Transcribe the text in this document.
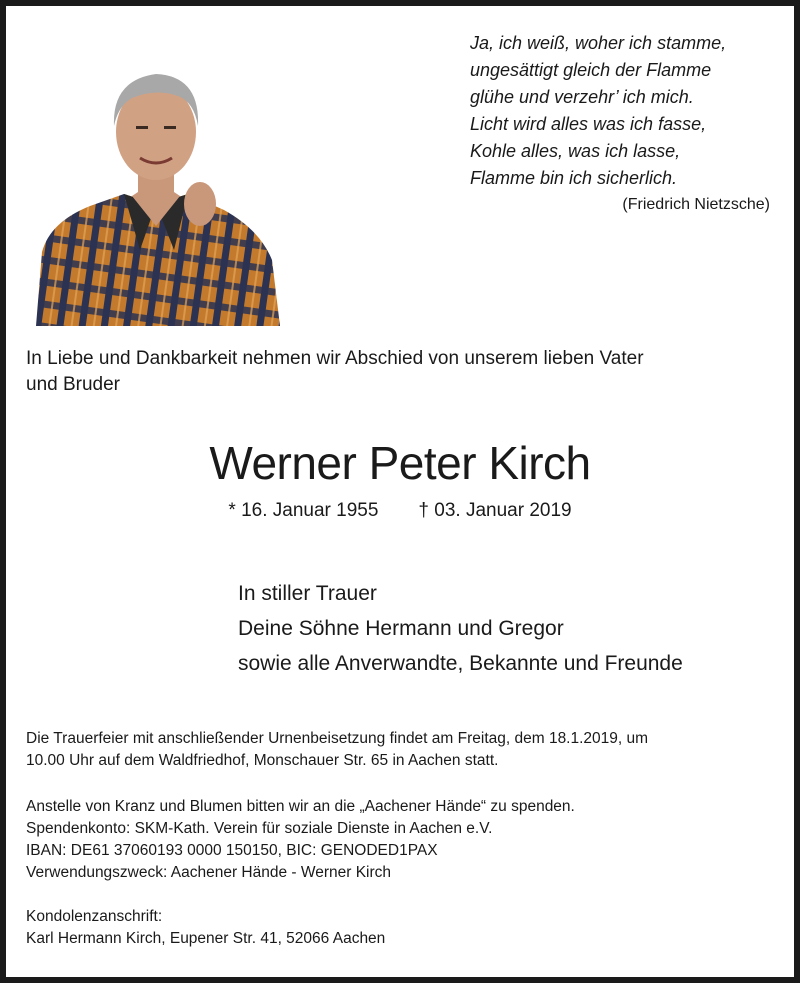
Ja, ich weiß, woher ich stamme,
ungesättigt gleich der Flamme
glühe und verzehr’ ich mich.
Licht wird alles was ich fasse,
Kohle alles, was ich lasse,
Flamme bin ich sicherlich.
(Friedrich Nietzsche)
In Liebe und Dankbarkeit nehmen wir Abschied von unserem lieben Vater
und Bruder
Werner Peter Kirch
* 16. Januar 1955 † 03. Januar 2019
In stiller Trauer
Deine Söhne Hermann und Gregor
sowie alle Anverwandte, Bekannte und Freunde
Die Trauerfeier mit anschließender Urnenbeisetzung findet am Freitag, dem 18.1.2019, um
10.00 Uhr auf dem Waldfriedhof, Monschauer Str. 65 in Aachen statt.
Anstelle von Kranz und Blumen bitten wir an die „Aachener Hände“ zu spenden.
Spendenkonto: SKM-Kath. Verein für soziale Dienste in Aachen e.V.
IBAN: DE61 37060193 0000 150150, BIC: GENODED1PAX
Verwendungszweck: Aachener Hände - Werner Kirch
Kondolenzanschrift:
Karl Hermann Kirch, Eupener Str. 41, 52066 Aachen
